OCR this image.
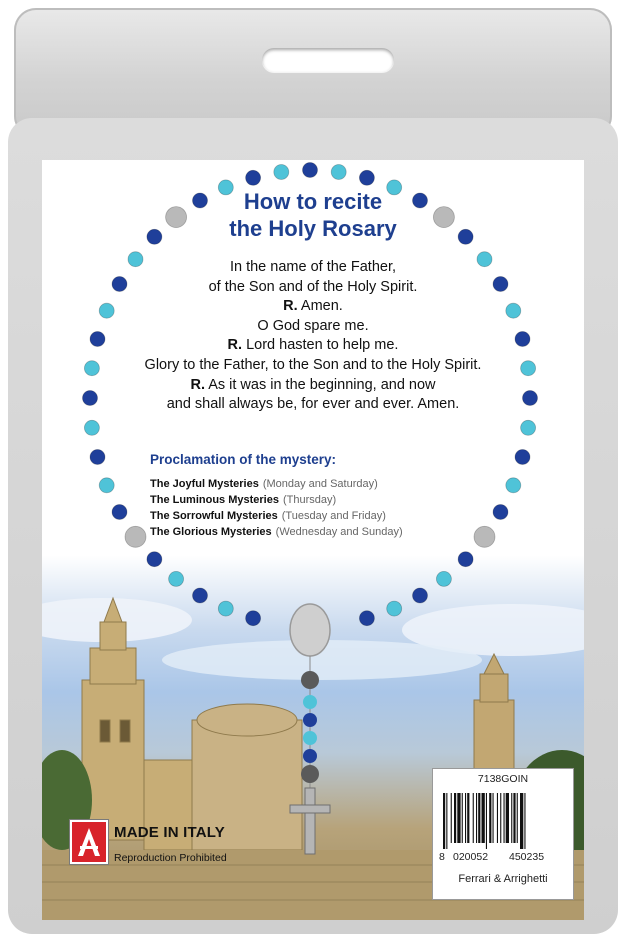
How to recite

the Holy Rosary

In the name of the Father,

of the Son and of the Holy Spirit.

R. Amen.

O God spare me.

R. Lord hasten to help me.

Glory to the Father, to the Son and to the Holy Spirit.

R. As it was in the beginning, and now

and shall always be, for ever and ever. Amen.

Proclamation of the mystery:
The Joyful Mysteries (Monday and Saturday)
The Luminous Mysteries (Thursday)
The Sorrowful Mysteries (Tuesday and Friday)
The Glorious Mysteries (Wednesday and Sunday)
MADE IN ITALY
Reproduction Prohibited
7138GOIN
8 020052 450235
Ferrari & Arrighetti
